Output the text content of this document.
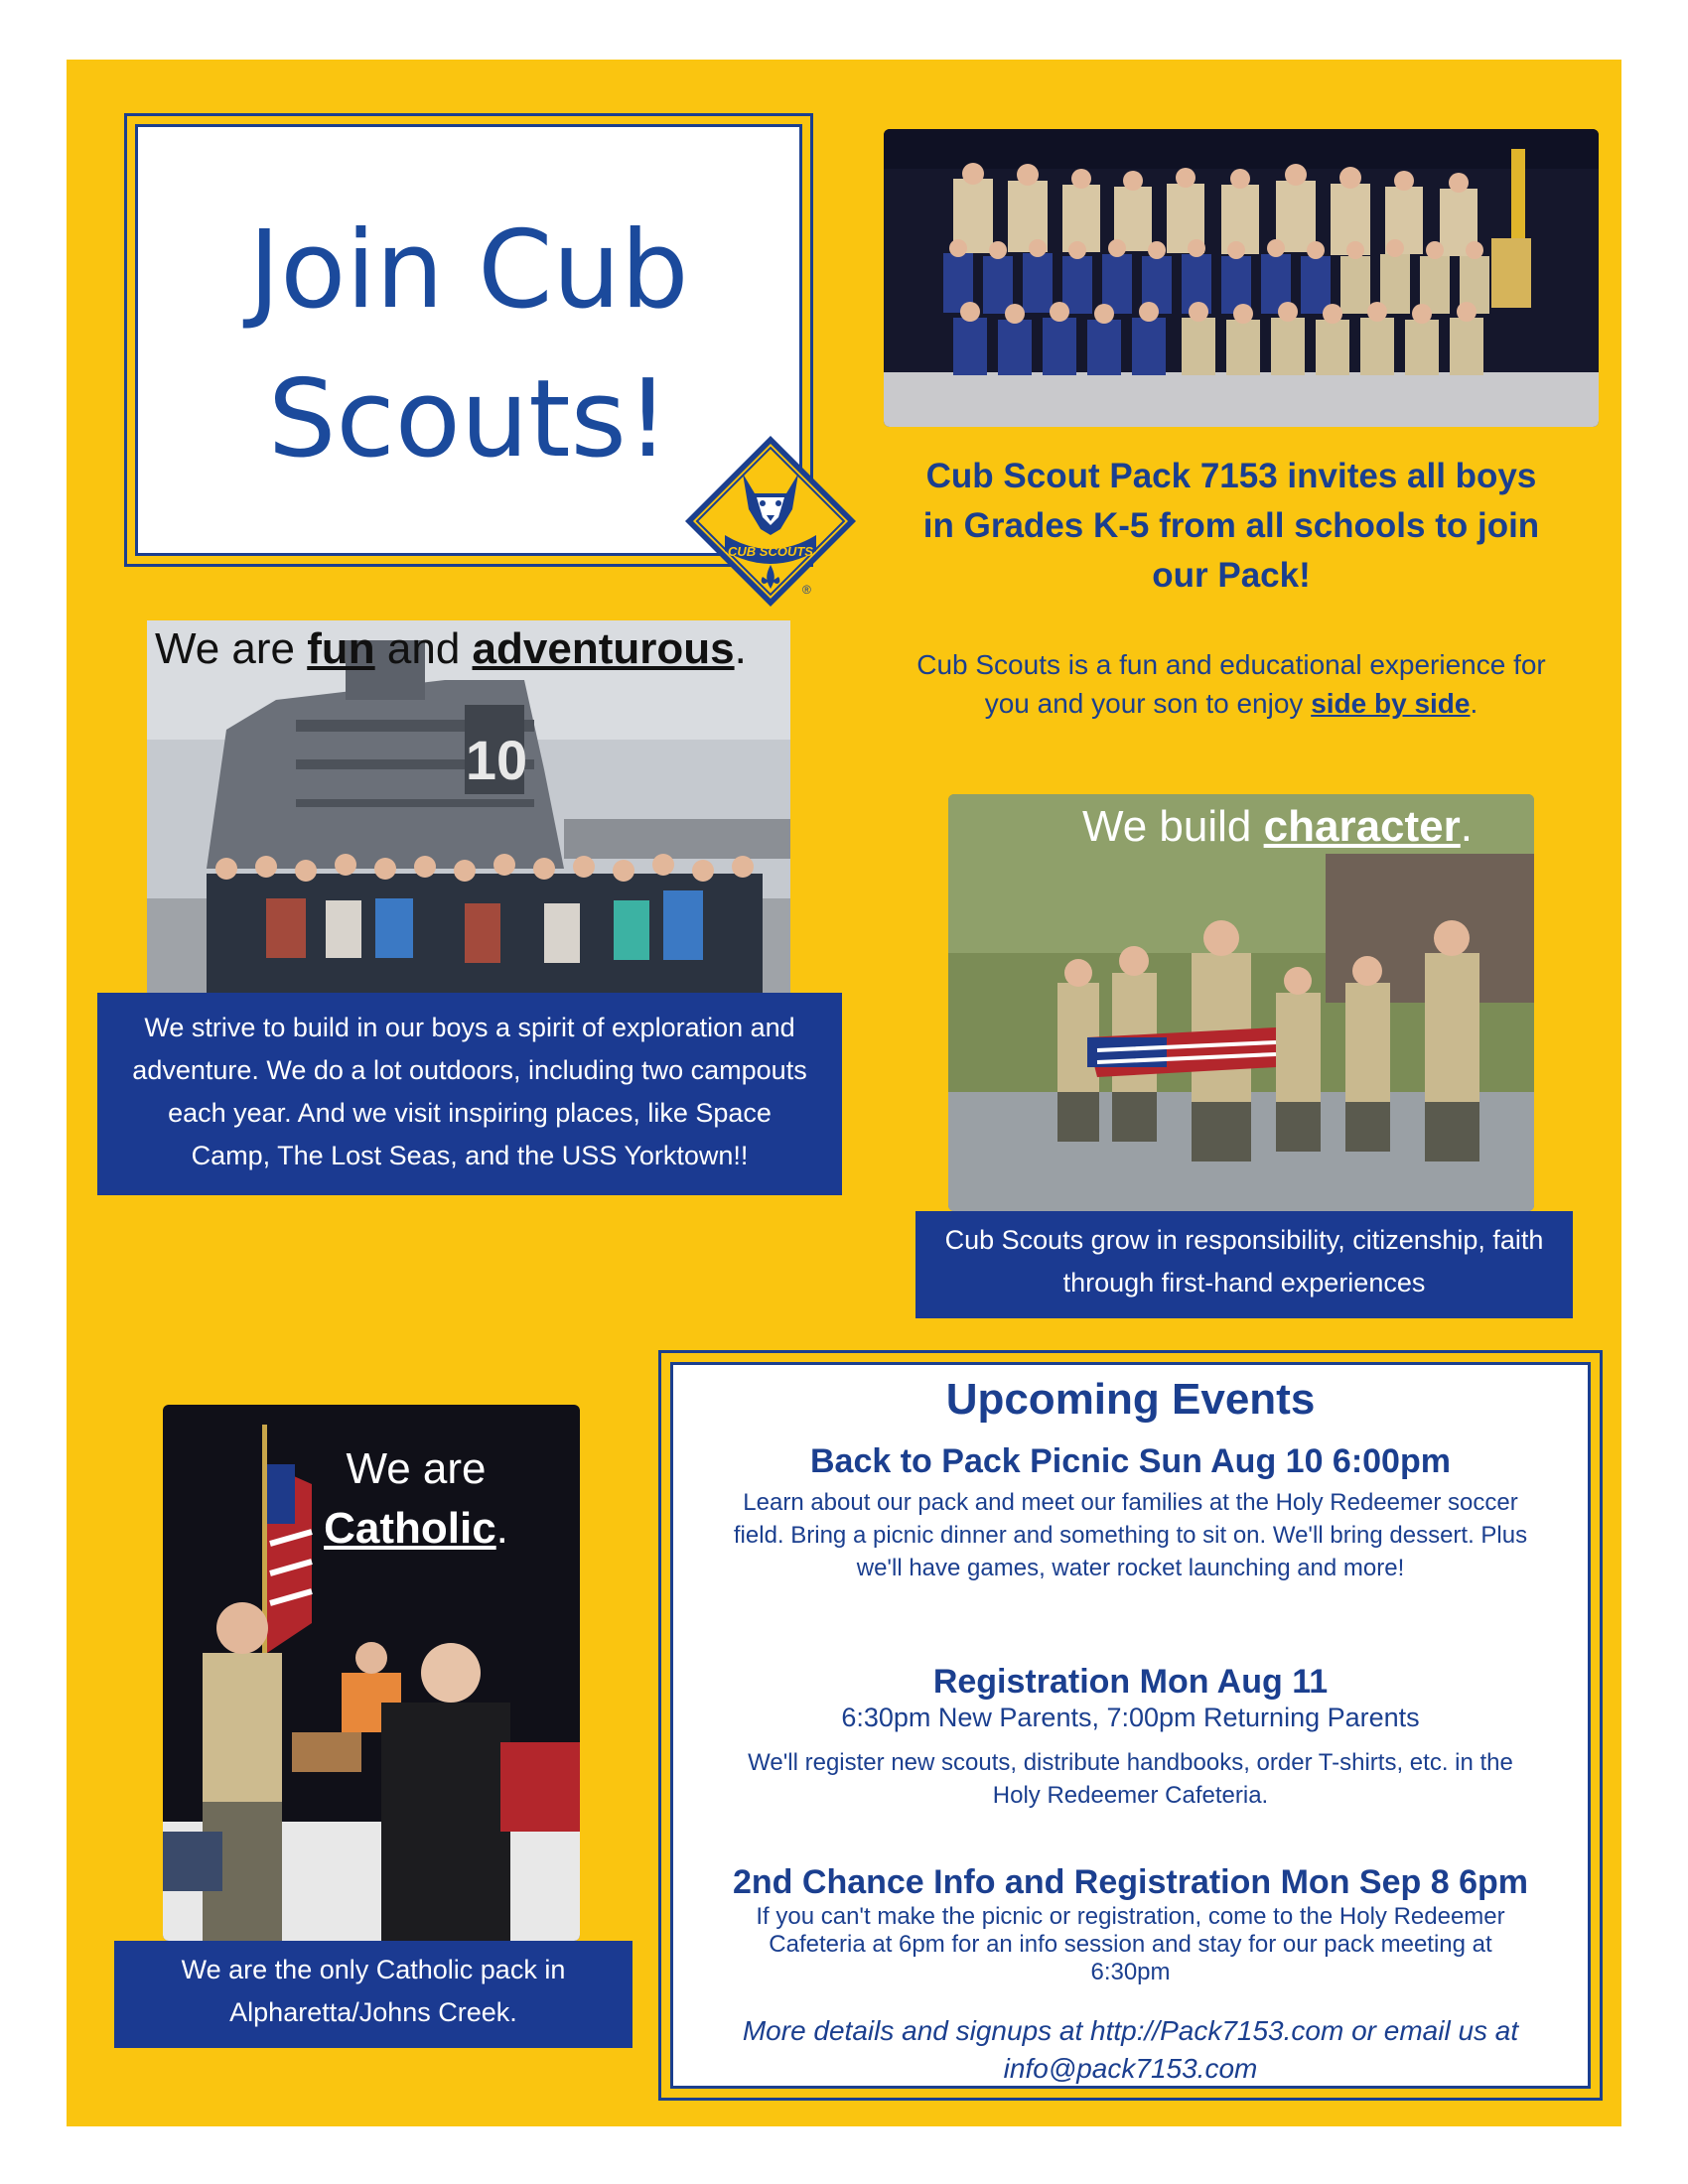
Join Cub
Scouts!
CUB SCOUTS
®
Cub Scout Pack 7153 invites all boys in Grades K-5 from all schools to join our Pack!
Cub Scouts is a fun and educational experience for you and your son to enjoy side by side.
10
We are fun and adventurous.
We strive to build in our boys a spirit of exploration and adventure. We do a lot outdoors, including two campouts each year. And we visit inspiring places, like Space Camp, The Lost Seas, and the USS Yorktown!!
We build character.
Cub Scouts grow in responsibility, citizenship, faith through first-hand experiences
We are
Catholic.
We are the only Catholic pack in Alpharetta/Johns Creek.
Upcoming Events
Back to Pack Picnic Sun Aug 10 6:00pm
Learn about our pack and meet our families at the Holy Redeemer soccer field. Bring a picnic dinner and something to sit on. We'll bring dessert. Plus we'll have games, water rocket launching and more!
Registration Mon Aug 11
6:30pm New Parents, 7:00pm Returning Parents
We'll register new scouts, distribute handbooks, order T-shirts, etc. in the Holy Redeemer Cafeteria.
2nd Chance Info and Registration Mon Sep 8 6pm
If you can't make the picnic or registration, come to the Holy Redeemer Cafeteria at 6pm for an info session and stay for our pack meeting at 6:30pm
More details and signups at http://Pack7153.com or email us at info@pack7153.com
